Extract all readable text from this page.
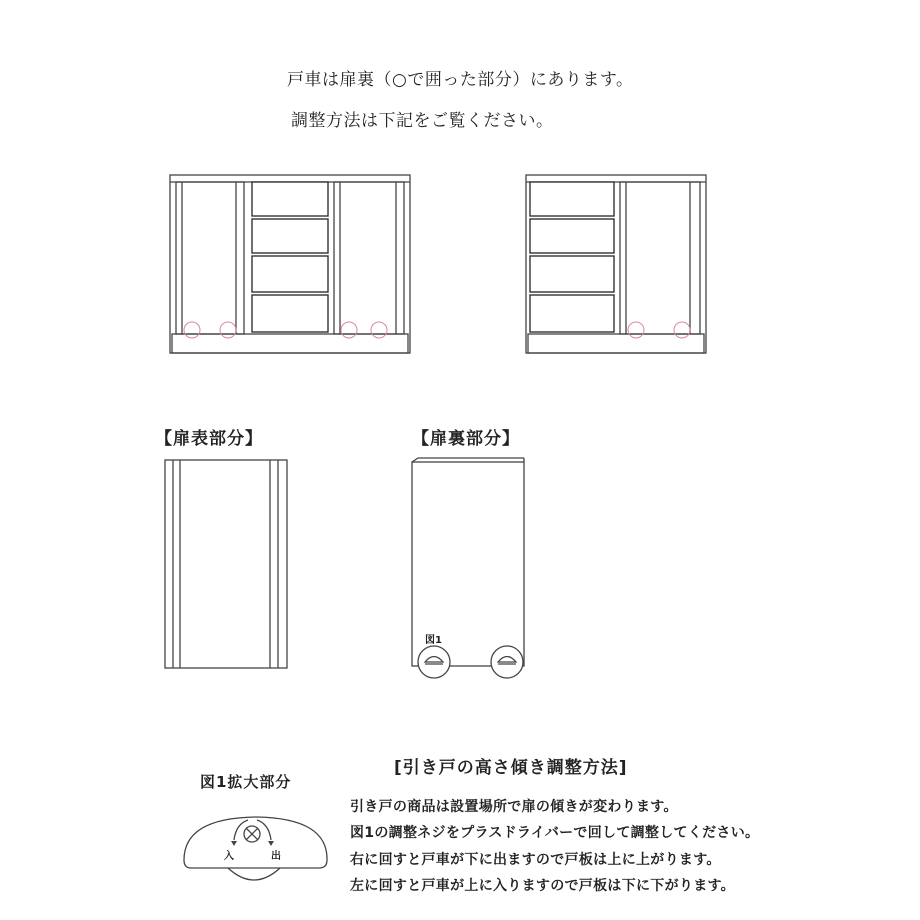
戸車は扉裏（○で囲った部分）にあります。
調整方法は下記をご覧ください。
【扉表部分】	【扉裏部分】
図1
図1拡大部分
入	出
[引き戸の高さ傾き調整方法]
引き戸の商品は設置場所で扉の傾きが変わります。
図1の調整ネジをプラスドライバーで回して調整してください。
右に回すと戸車が下に出ますので戸板は上に上がります。
左に回すと戸車が上に入りますので戸板は下に下がります。
